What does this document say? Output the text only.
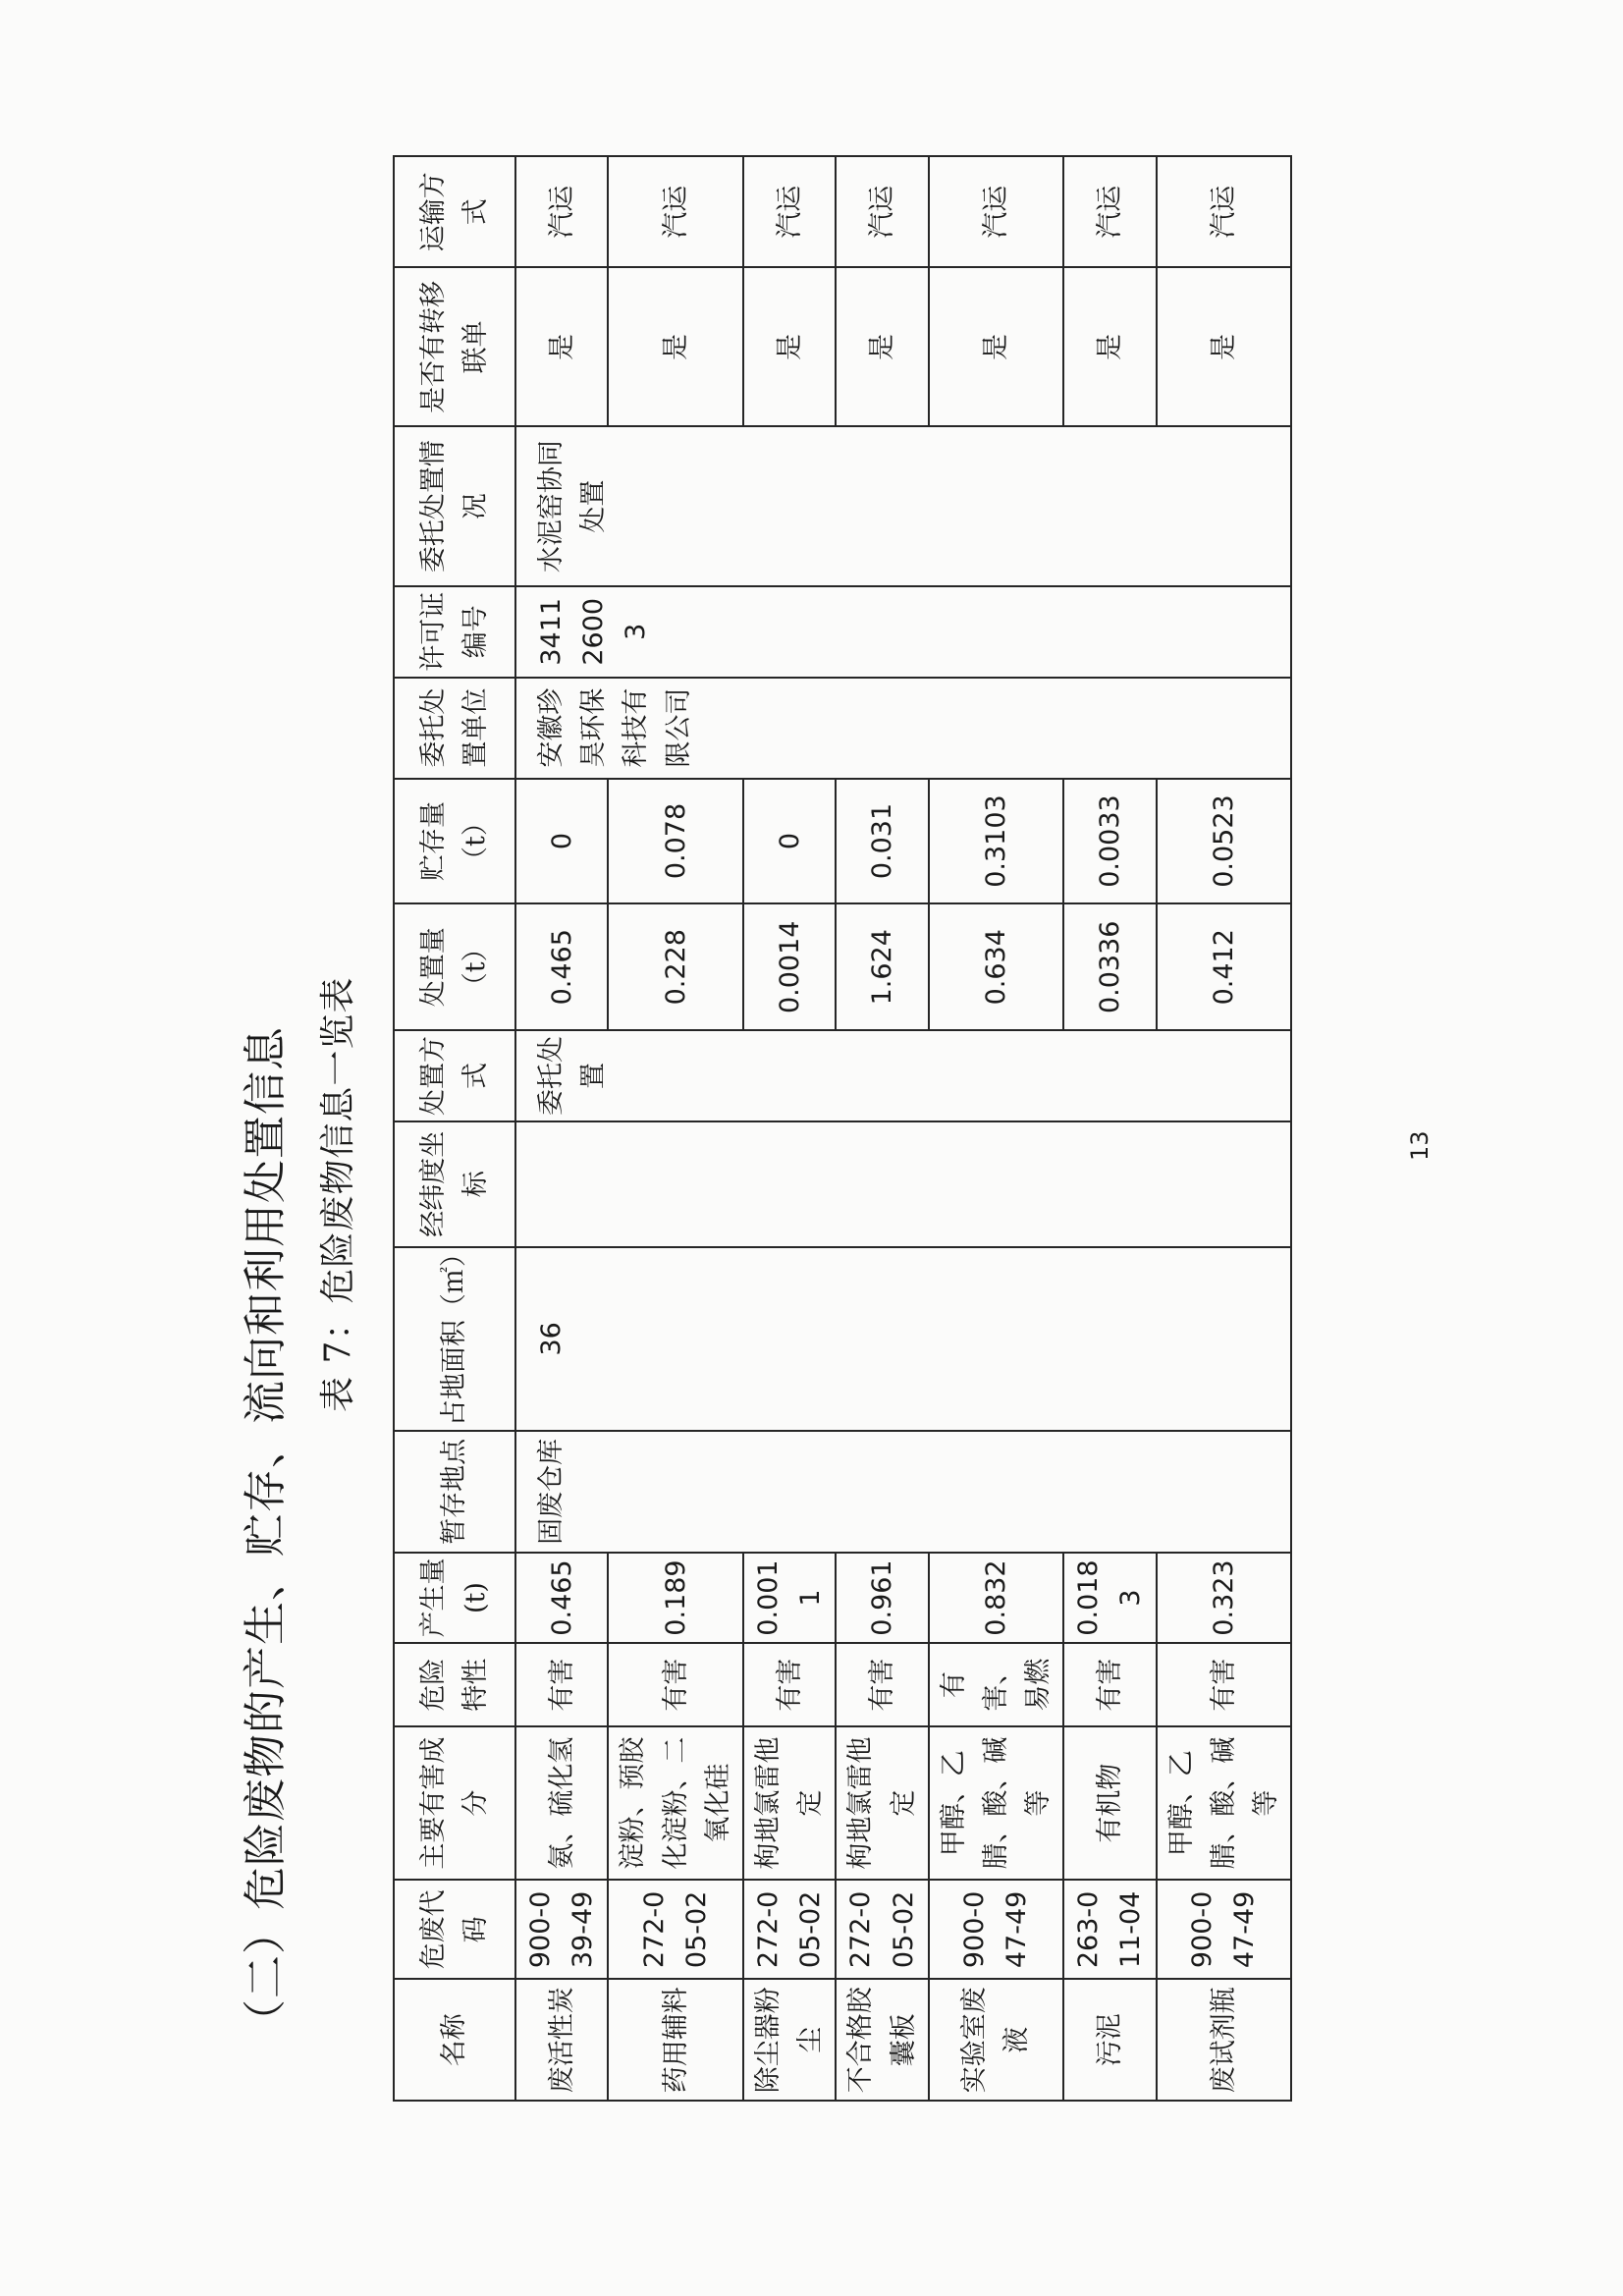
（二）危险废物的产生、贮存、流向和利用处置信息 表 7：危险废物信息一览表
名称	危废代码	主要有害成分	危险特性	产生量(t)	暂存地点	占地面积（㎡）	经纬度坐标	处置方式	处置量（t）	贮存量（t）	委托处置单位	许可证编号	委托处置情况	是否有转移联单	运输方式
废活性炭	900-039-49	氨、硫化氢	有害	0.465	固废仓库	36		委托处置	0.465	0	安徽珍昊环保科技有限公司	34112600 3	水泥窑协同处置	是	汽运
药用辅料	272-005-02	淀粉、预胶化淀粉、二氧化硅	有害	0.189					0.228	0.078				是	汽运
除尘器粉尘	272-005-02	枸地氯雷他定	有害	0.0011					0.0014	0				是	汽运
不合格胶囊板	272-005-02	枸地氯雷他定	有害	0.961					1.624	0.031				是	汽运
实验室废液	900-047-49	甲醇、乙腈、酸、碱等	有害、易燃	0.832					0.634	0.3103				是	汽运
污泥	263-011-04	有机物	有害	0.0183					0.0336	0.0033				是	汽运
废试剂瓶	900-047-49	甲醇、乙腈、酸、碱等	有害	0.323					0.412	0.0523				是	汽运
13
